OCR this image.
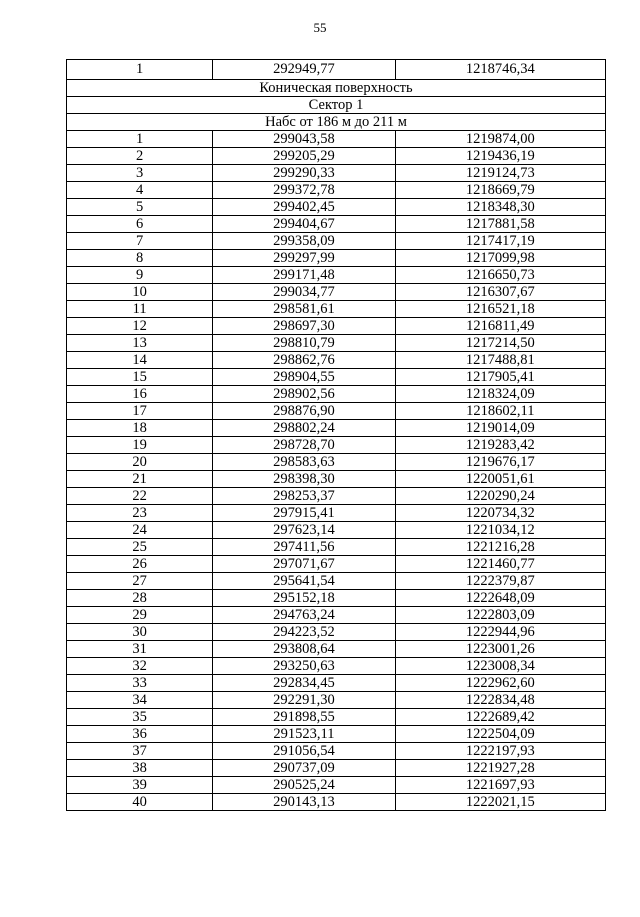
55
1	292949,77	1218746,34
Коническая поверхность		
Сектор 1		
Набс от 186 м до 211 м		
1	299043,58	1219874,00
2	299205,29	1219436,19
3	299290,33	1219124,73
4	299372,78	1218669,79
5	299402,45	1218348,30
6	299404,67	1217881,58
7	299358,09	1217417,19
8	299297,99	1217099,98
9	299171,48	1216650,73
10	299034,77	1216307,67
11	298581,61	1216521,18
12	298697,30	1216811,49
13	298810,79	1217214,50
14	298862,76	1217488,81
15	298904,55	1217905,41
16	298902,56	1218324,09
17	298876,90	1218602,11
18	298802,24	1219014,09
19	298728,70	1219283,42
20	298583,63	1219676,17
21	298398,30	1220051,61
22	298253,37	1220290,24
23	297915,41	1220734,32
24	297623,14	1221034,12
25	297411,56	1221216,28
26	297071,67	1221460,77
27	295641,54	1222379,87
28	295152,18	1222648,09
29	294763,24	1222803,09
30	294223,52	1222944,96
31	293808,64	1223001,26
32	293250,63	1223008,34
33	292834,45	1222962,60
34	292291,30	1222834,48
35	291898,55	1222689,42
36	291523,11	1222504,09
37	291056,54	1222197,93
38	290737,09	1221927,28
39	290525,24	1221697,93
40	290143,13	1222021,15
